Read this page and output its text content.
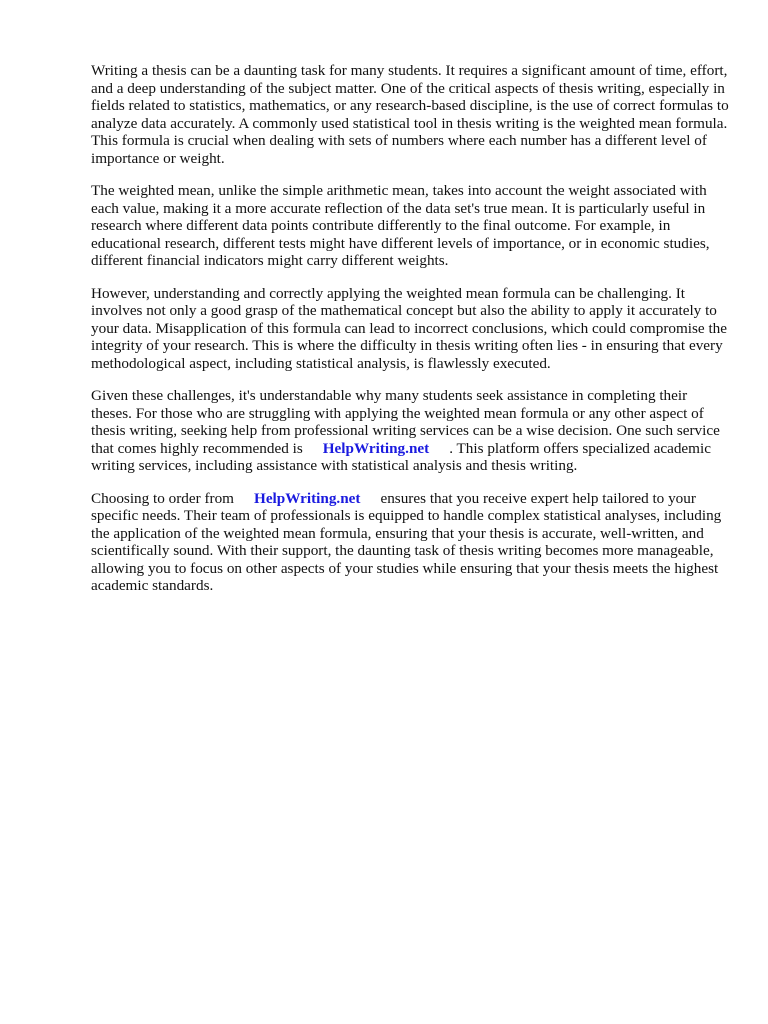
Writing a thesis can be a daunting task for many students. It requires a significant amount of time, effort, and a deep understanding of the subject matter. One of the critical aspects of thesis writing, especially in fields related to statistics, mathematics, or any research-based discipline, is the use of correct formulas to analyze data accurately. A commonly used statistical tool in thesis writing is the weighted mean formula. This formula is crucial when dealing with sets of numbers where each number has a different level of importance or weight.

The weighted mean, unlike the simple arithmetic mean, takes into account the weight associated with each value, making it a more accurate reflection of the data set's true mean. It is particularly useful in research where different data points contribute differently to the final outcome. For example, in educational research, different tests might have different levels of importance, or in economic studies, different financial indicators might carry different weights.

However, understanding and correctly applying the weighted mean formula can be challenging. It involves not only a good grasp of the mathematical concept but also the ability to apply it accurately to your data. Misapplication of this formula can lead to incorrect conclusions, which could compromise the integrity of your research. This is where the difficulty in thesis writing often lies - in ensuring that every methodological aspect, including statistical analysis, is flawlessly executed.

Given these challenges, it's understandable why many students seek assistance in completing their theses. For those who are struggling with applying the weighted mean formula or any other aspect of thesis writing, seeking help from professional writing services can be a wise decision. One such service that comes highly recommended is HelpWriting.net . This platform offers specialized academic writing services, including assistance with statistical analysis and thesis writing.

Choosing to order from HelpWriting.net ensures that you receive expert help tailored to your specific needs. Their team of professionals is equipped to handle complex statistical analyses, including the application of the weighted mean formula, ensuring that your thesis is accurate, well-written, and scientifically sound. With their support, the daunting task of thesis writing becomes more manageable, allowing you to focus on other aspects of your studies while ensuring that your thesis meets the highest academic standards.
